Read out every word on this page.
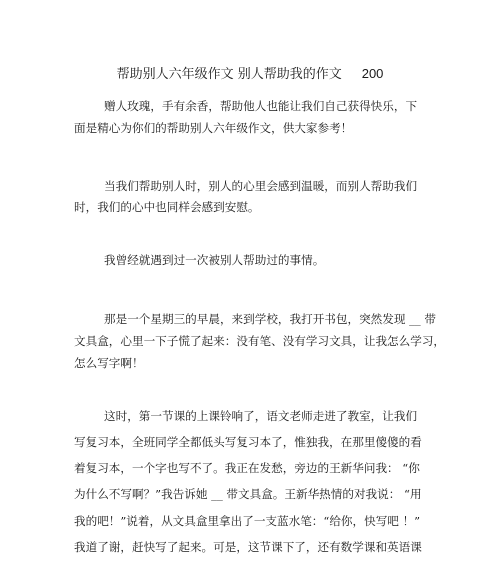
帮助别人六年级作文 别人帮助我的作文 200
赠人玫瑰，手有余香，帮助他人也能让我们自己获得快乐，下
面是精心为你们的帮助别人六年级作文，供大家参考！
当我们帮助别人时，别人的心里会感到温暖，而别人帮助我们
时，我们的心中也同样会感到安慰。
我曾经就遇到过一次被别人帮助过的事情。
那是一个星期三的早晨，来到学校，我打开书包，突然发现 __ 带
文具盒，心里一下子慌了起来：没有笔、没有学习文具，让我怎么学习，
怎么写字啊！
这时，第一节课的上课铃响了，语文老师走进了教室，让我们
写复习本，全班同学全都低头写复习本了，惟独我，在那里傻傻的看
着复习本，一个字也写不了。我正在发愁，旁边的王新华问我： “你
为什么不写啊？”我告诉她 __ 带文具盒。王新华热情的对我说： “用
我的吧！”说着，从文具盒里拿出了一支蓝水笔：“给你，快写吧 ！”
我道了谢，赶快写了起来。可是，这节课下了，还有数学课和英语课
